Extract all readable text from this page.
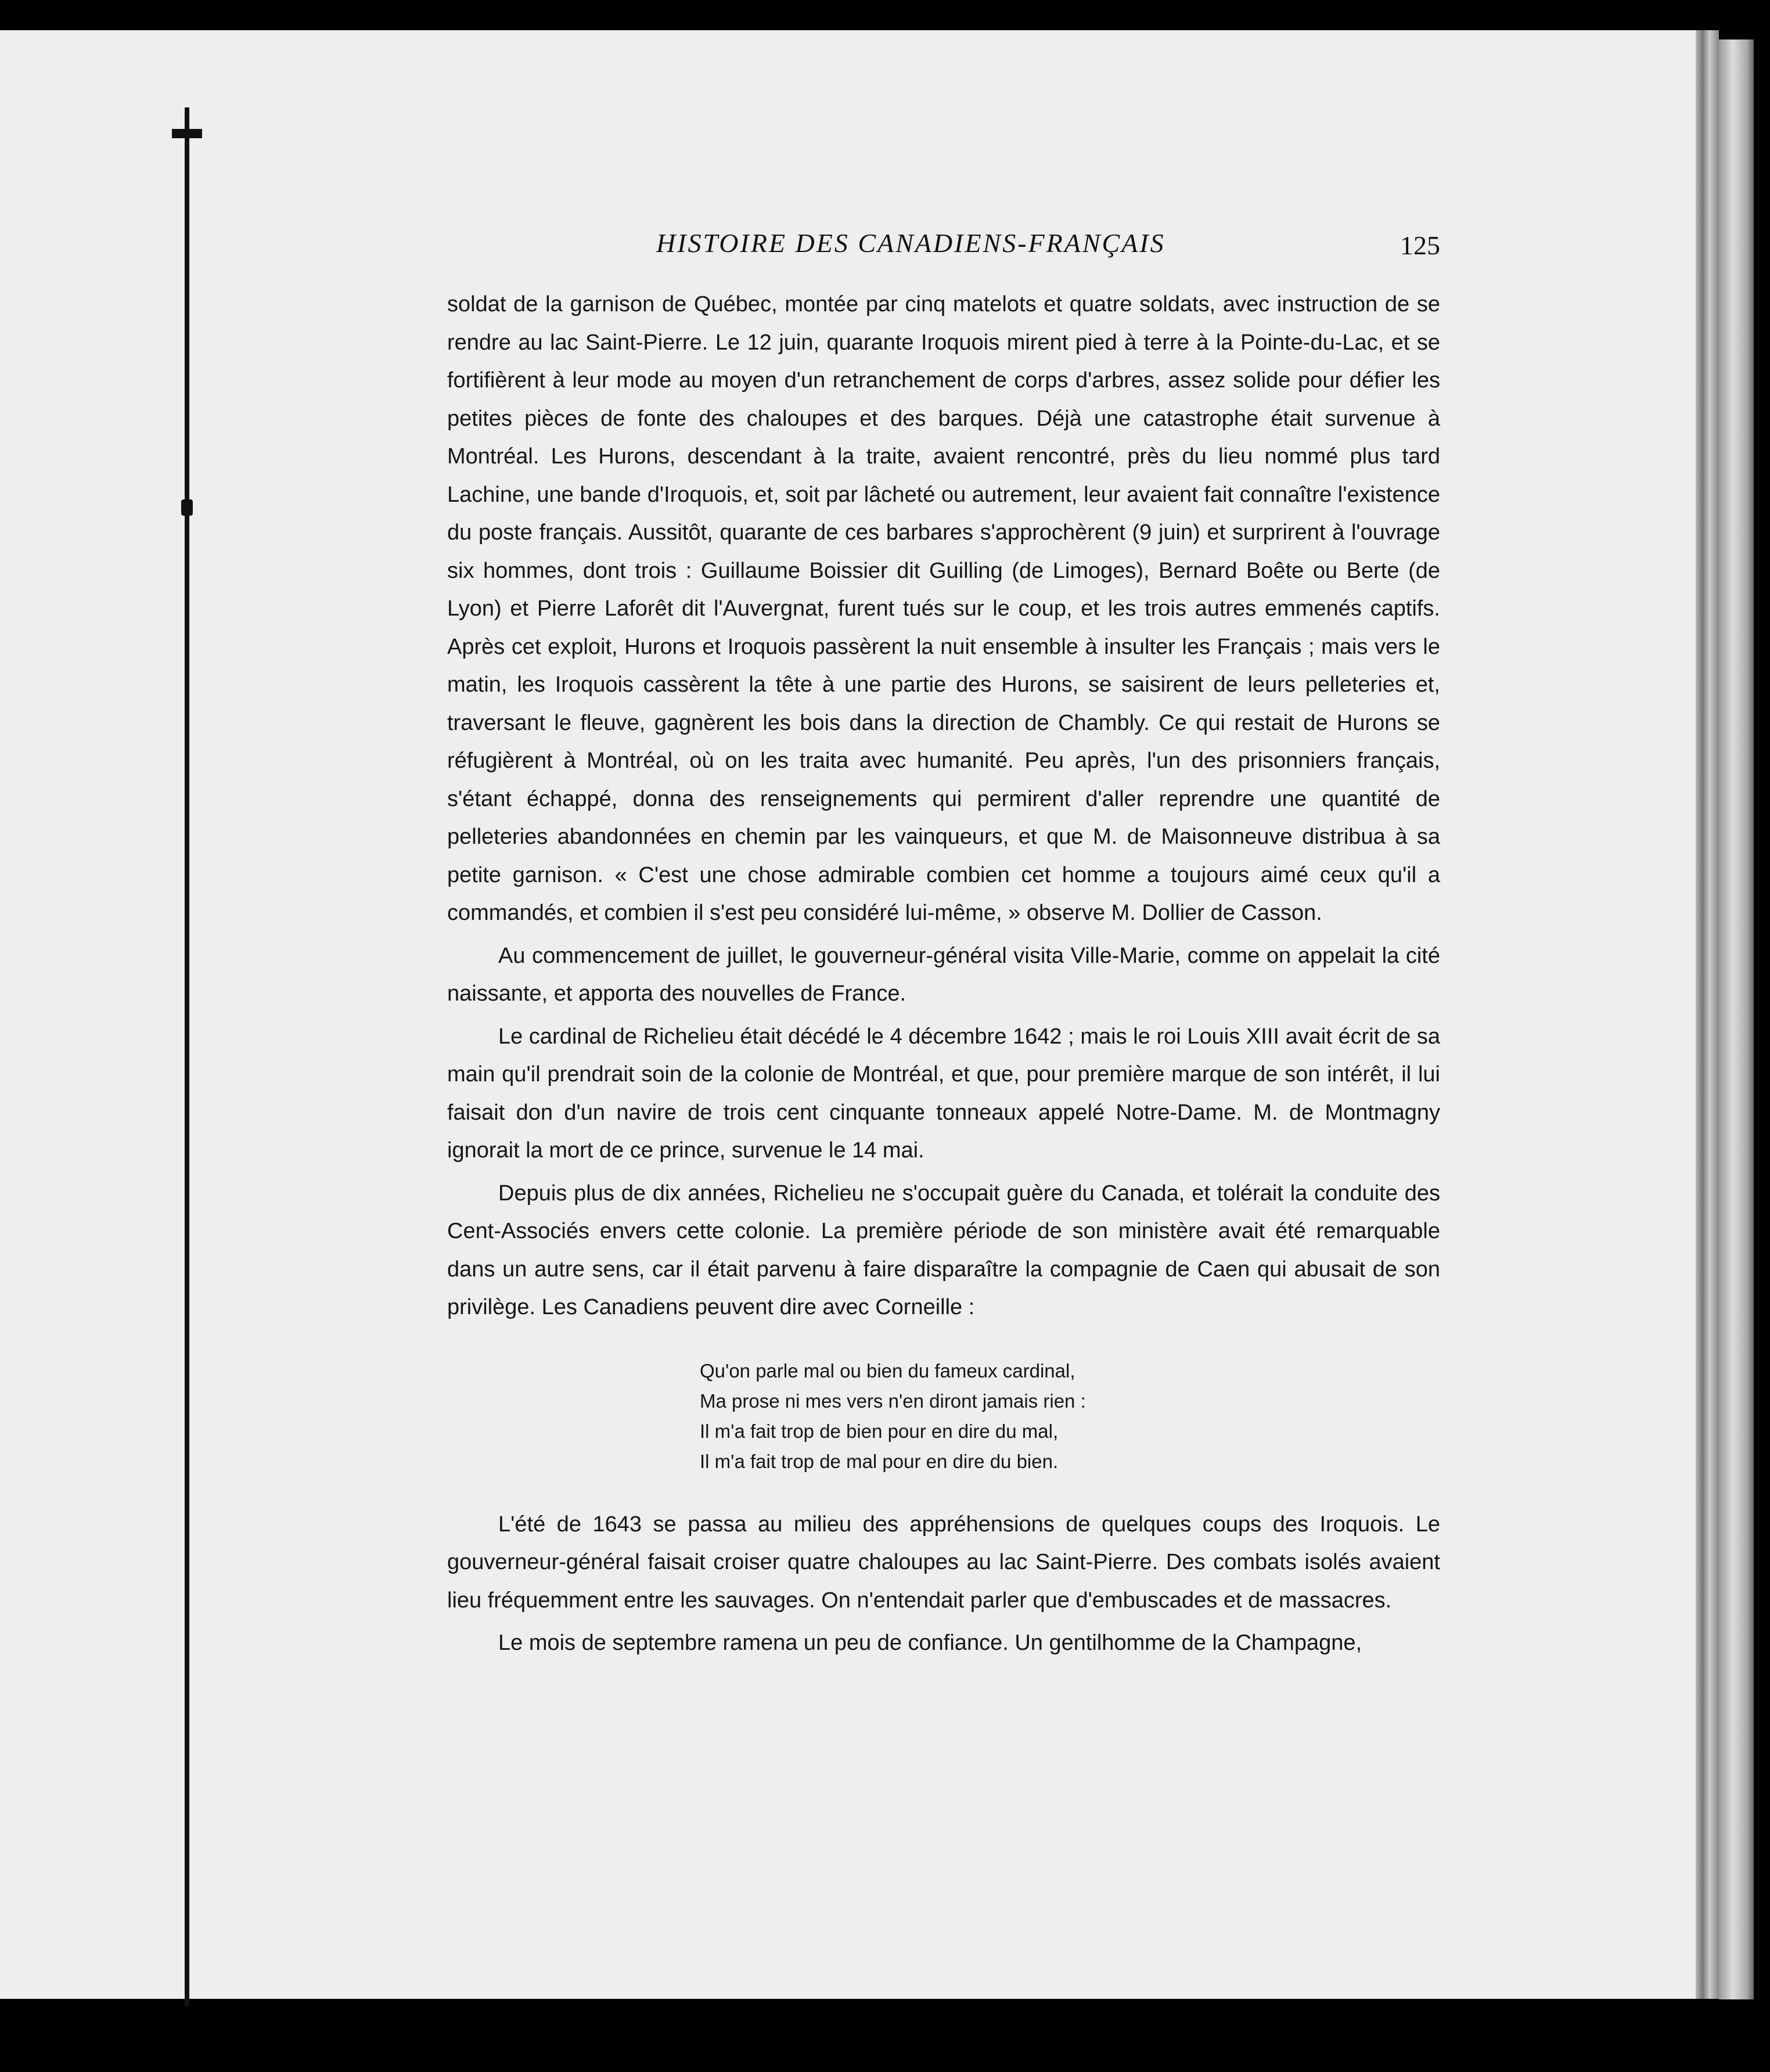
HISTOIRE DES CANADIENS-FRANÇAIS	125

soldat de la garnison de Québec, montée par cinq matelots et quatre soldats, avec instruction de se rendre au lac Saint-Pierre. Le 12 juin, quarante Iroquois mirent pied à terre à la Pointe-du-Lac, et se fortifièrent à leur mode au moyen d'un retranchement de corps d'arbres, assez solide pour défier les petites pièces de fonte des chaloupes et des barques. Déjà une catastrophe était survenue à Montréal. Les Hurons, descendant à la traite, avaient rencontré, près du lieu nommé plus tard Lachine, une bande d'Iroquois, et, soit par lâcheté ou autrement, leur avaient fait connaître l'existence du poste français. Aussitôt, quarante de ces barbares s'approchèrent (9 juin) et surprirent à l'ouvrage six hommes, dont trois : Guillaume Boissier dit Guilling (de Limoges), Bernard Boête ou Berte (de Lyon) et Pierre Laforêt dit l'Auvergnat, furent tués sur le coup, et les trois autres emmenés captifs. Après cet exploit, Hurons et Iroquois passèrent la nuit ensemble à insulter les Français ; mais vers le matin, les Iroquois cassèrent la tête à une partie des Hurons, se saisirent de leurs pelleteries et, traversant le fleuve, gagnèrent les bois dans la direction de Chambly. Ce qui restait de Hurons se réfugièrent à Montréal, où on les traita avec humanité. Peu après, l'un des prisonniers français, s'étant échappé, donna des renseignements qui permirent d'aller reprendre une quantité de pelleteries abandonnées en chemin par les vainqueurs, et que M. de Maisonneuve distribua à sa petite garnison. « C'est une chose admirable combien cet homme a toujours aimé ceux qu'il a commandés, et combien il s'est peu considéré lui-même, » observe M. Dollier de Casson.

Au commencement de juillet, le gouverneur-général visita Ville-Marie, comme on appelait la cité naissante, et apporta des nouvelles de France.

Le cardinal de Richelieu était décédé le 4 décembre 1642 ; mais le roi Louis XIII avait écrit de sa main qu'il prendrait soin de la colonie de Montréal, et que, pour première marque de son intérêt, il lui faisait don d'un navire de trois cent cinquante tonneaux appelé Notre-Dame. M. de Montmagny ignorait la mort de ce prince, survenue le 14 mai.

Depuis plus de dix années, Richelieu ne s'occupait guère du Canada, et tolérait la conduite des Cent-Associés envers cette colonie. La première période de son ministère avait été remarquable dans un autre sens, car il était parvenu à faire disparaître la compagnie de Caen qui abusait de son privilège. Les Canadiens peuvent dire avec Corneille :

Qu'on parle mal ou bien du fameux cardinal,
Ma prose ni mes vers n'en diront jamais rien :
Il m'a fait trop de bien pour en dire du mal,
Il m'a fait trop de mal pour en dire du bien.

L'été de 1643 se passa au milieu des appréhensions de quelques coups des Iroquois. Le gouverneur-général faisait croiser quatre chaloupes au lac Saint-Pierre. Des combats isolés avaient lieu fréquemment entre les sauvages. On n'entendait parler que d'embuscades et de massacres.

Le mois de septembre ramena un peu de confiance. Un gentilhomme de la Champagne,
